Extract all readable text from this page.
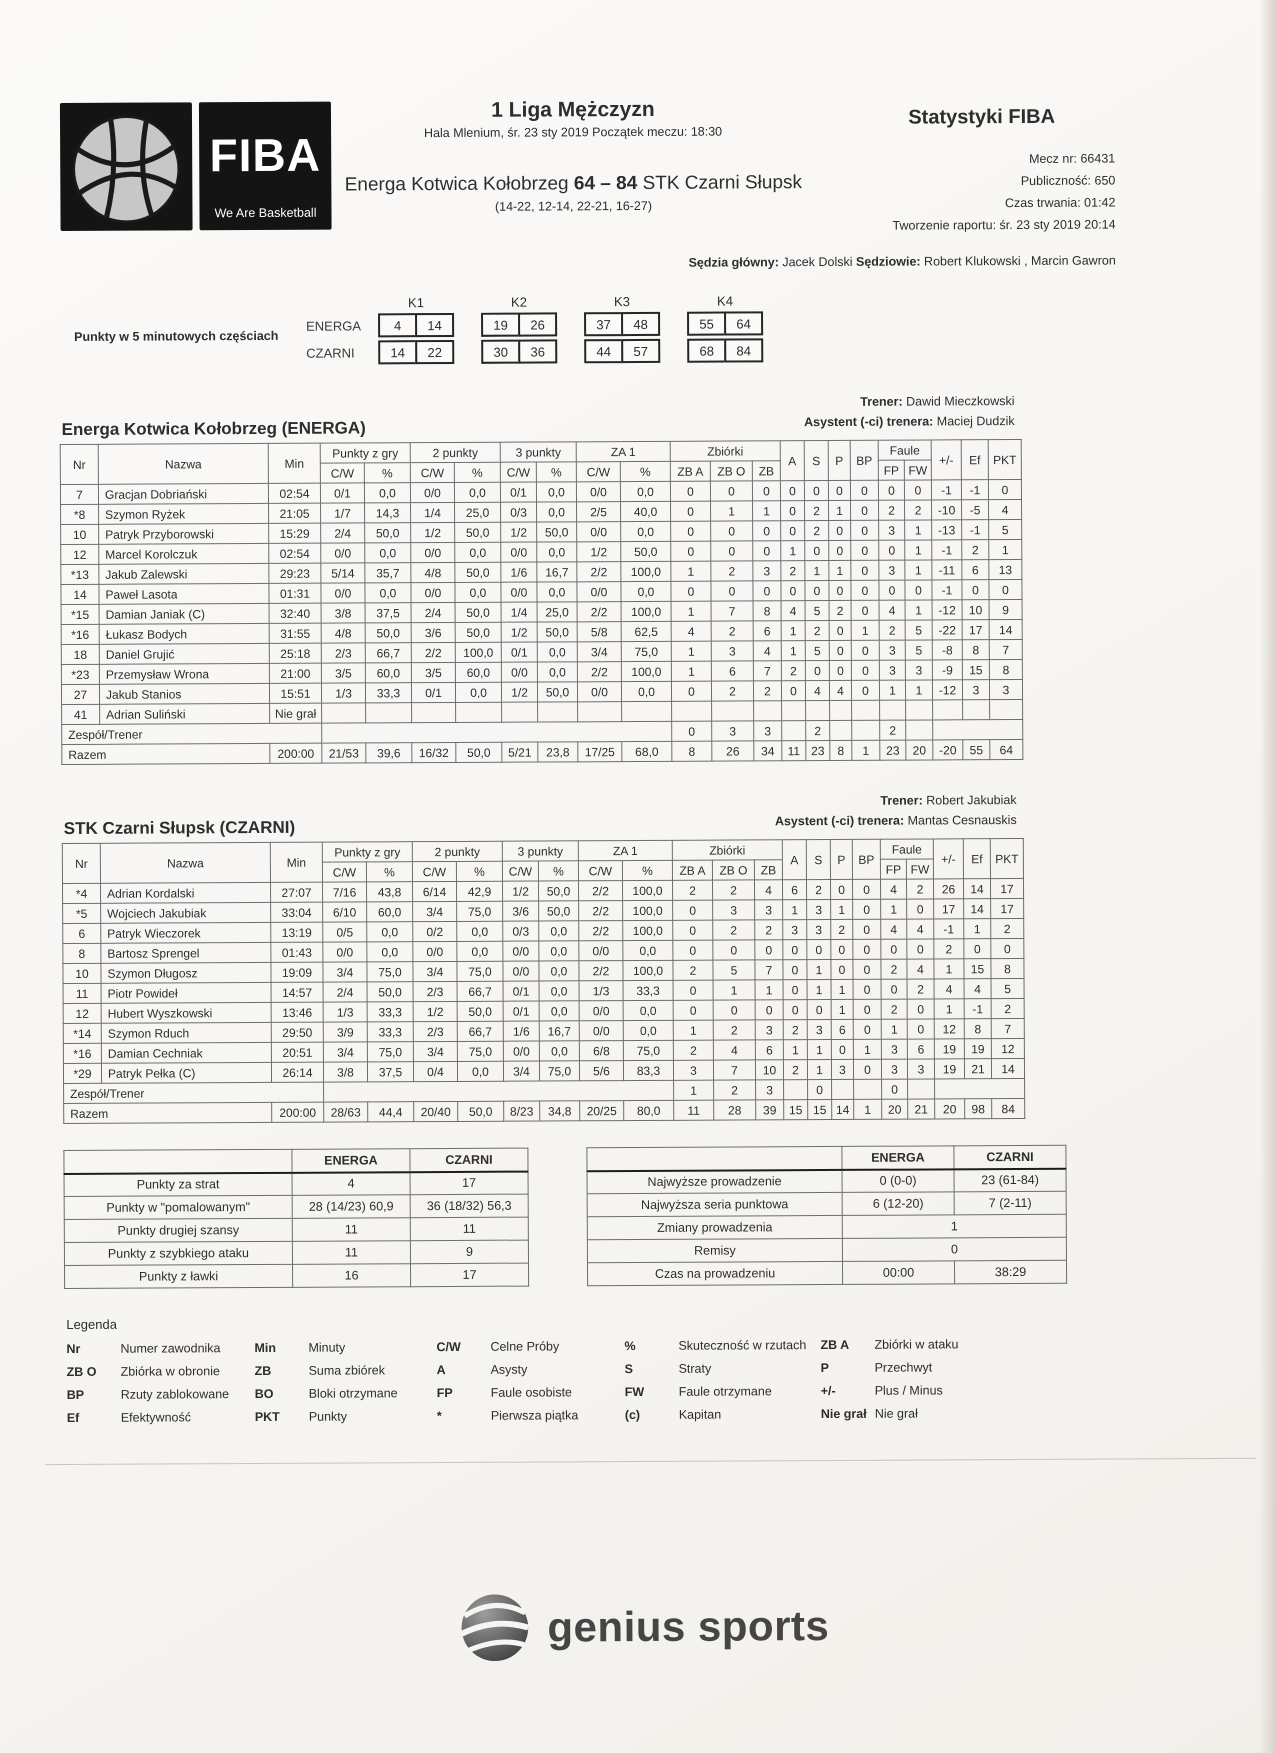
FIBA
We Are Basketball
1 Liga Mężczyzn
Hala Mlenium, śr. 23 sty 2019 Początek meczu: 18:30
Energa Kotwica Kołobrzeg 64 – 84 STK Czarni Słupsk
(14-22, 12-14, 22-21, 16-27)
Statystyki FIBA
Mecz nr: 66431
Publiczność: 650
Czas trwania: 01:42
Tworzenie raportu: śr. 23 sty 2019 20:14
Sędzia główny: Jacek Dolski Sędziowie: Robert Klukowski , Marcin Gawron
Punkty w 5 minutowych częściach
K1	K2	K3	K4
ENERGA	4	14	19	26	37	48	55	64
CZARNI	14	22	30	36	44	57	68	84
Energa Kotwica Kołobrzeg (ENERGA)
Trener: Dawid Mieczkowski
Asystent (-ci) trenera: Maciej Dudzik
Nr	Nazwa	Min	Punkty z gry		2 punkty		3 punkty		ZA 1		Zbiórki			A	S	P	BP	Faule		+/-	Ef	PKT
			C/W	%	C/W	%	C/W	%	C/W	%	ZB A	ZB O	ZB					FP	FW			
7	Gracjan Dobriański	02:54	0/1	0,0	0/0	0,0	0/1	0,0	0/0	0,0	0	0	0	0	0	0	0	0	0	-1	-1	0
*8	Szymon Ryżek	21:05	1/7	14,3	1/4	25,0	0/3	0,0	2/5	40,0	0	1	1	0	2	1	0	2	2	-10	-5	4
10	Patryk Przyborowski	15:29	2/4	50,0	1/2	50,0	1/2	50,0	0/0	0,0	0	0	0	0	2	0	0	3	1	-13	-1	5
12	Marcel Korolczuk	02:54	0/0	0,0	0/0	0,0	0/0	0,0	1/2	50,0	0	0	0	1	0	0	0	0	1	-1	2	1
*13	Jakub Zalewski	29:23	5/14	35,7	4/8	50,0	1/6	16,7	2/2	100,0	1	2	3	2	1	1	0	3	1	-11	6	13
14	Paweł Lasota	01:31	0/0	0,0	0/0	0,0	0/0	0,0	0/0	0,0	0	0	0	0	0	0	0	0	0	-1	0	0
*15	Damian Janiak (C)	32:40	3/8	37,5	2/4	50,0	1/4	25,0	2/2	100,0	1	7	8	4	5	2	0	4	1	-12	10	9
*16	Łukasz Bodych	31:55	4/8	50,0	3/6	50,0	1/2	50,0	5/8	62,5	4	2	6	1	2	0	1	2	5	-22	17	14
18	Daniel Grujić	25:18	2/3	66,7	2/2	100,0	0/1	0,0	3/4	75,0	1	3	4	1	5	0	0	3	5	-8	8	7
*23	Przemysław Wrona	21:00	3/5	60,0	3/5	60,0	0/0	0,0	2/2	100,0	1	6	7	2	0	0	0	3	3	-9	15	8
27	Jakub Stanios	15:51	1/3	33,3	0/1	0,0	1/2	50,0	0/0	0,0	0	2	2	0	4	4	0	1	1	-12	3	3
41	Adrian Suliński	Nie grał																				
Zespół/Trener											0	3	3		2			2				
Razem		200:00	21/53	39,6	16/32	50,0	5/21	23,8	17/25	68,0	8	26	34	11	23	8	1	23	20	-20	55	64
STK Czarni Słupsk (CZARNI)
Trener: Robert Jakubiak
Asystent (-ci) trenera: Mantas Cesnauskis
Nr	Nazwa	Min	Punkty z gry		2 punkty		3 punkty		ZA 1		Zbiórki			A	S	P	BP	Faule		+/-	Ef	PKT
			C/W	%	C/W	%	C/W	%	C/W	%	ZB A	ZB O	ZB					FP	FW			
*4	Adrian Kordalski	27:07	7/16	43,8	6/14	42,9	1/2	50,0	2/2	100,0	2	2	4	6	2	0	0	4	2	26	14	17
*5	Wojciech Jakubiak	33:04	6/10	60,0	3/4	75,0	3/6	50,0	2/2	100,0	0	3	3	1	3	1	0	1	0	17	14	17
6	Patryk Wieczorek	13:19	0/5	0,0	0/2	0,0	0/3	0,0	2/2	100,0	0	2	2	3	3	2	0	4	4	-1	1	2
8	Bartosz Sprengel	01:43	0/0	0,0	0/0	0,0	0/0	0,0	0/0	0,0	0	0	0	0	0	0	0	0	0	2	0	0
10	Szymon Długosz	19:09	3/4	75,0	3/4	75,0	0/0	0,0	2/2	100,0	2	5	7	0	1	0	0	2	4	1	15	8
11	Piotr Powideł	14:57	2/4	50,0	2/3	66,7	0/1	0,0	1/3	33,3	0	1	1	0	1	1	0	0	2	4	4	5
12	Hubert Wyszkowski	13:46	1/3	33,3	1/2	50,0	0/1	0,0	0/0	0,0	0	0	0	0	0	1	0	2	0	1	-1	2
*14	Szymon Rduch	29:50	3/9	33,3	2/3	66,7	1/6	16,7	0/0	0,0	1	2	3	2	3	6	0	1	0	12	8	7
*16	Damian Cechniak	20:51	3/4	75,0	3/4	75,0	0/0	0,0	6/8	75,0	2	4	6	1	1	0	1	3	6	19	19	12
*29	Patryk Pełka (C)	26:14	3/8	37,5	0/4	0,0	3/4	75,0	5/6	83,3	3	7	10	2	1	3	0	3	3	19	21	14
Zespół/Trener											1	2	3		0			0				
Razem		200:00	28/63	44,4	20/40	50,0	8/23	34,8	20/25	80,0	11	28	39	15	15	14	1	20	21	20	98	84
	ENERGA	CZARNI
Punkty za strat	4	17
Punkty w "pomalowanym"	28 (14/23) 60,9	36 (18/32) 56,3
Punkty drugiej szansy	11	11
Punkty z szybkiego ataku	11	9
Punkty z ławki	16	17
	ENERGA	CZARNI
Najwyższe prowadzenie	0 (0-0)	23 (61-84)
Najwyższa seria punktowa	6 (12-20)	7 (2-11)
Zmiany prowadzenia	1	
Remisy	0	
Czas na prowadzeniu	00:00	38:29
Legenda
Nr	Numer zawodnika
ZB O	Zbiórka w obronie
BP	Rzuty zablokowane
Ef	Efektywność
Min	Minuty
ZB	Suma zbiórek
BO	Bloki otrzymane
PKT	Punkty
C/W	Celne Próby
A	Asysty
FP	Faule osobiste
*	Pierwsza piątka
%	Skuteczność w rzutach
S	Straty
FW	Faule otrzymane
(c)	Kapitan
ZB A	Zbiórki w ataku
P	Przechwyt
+/-	Plus / Minus
Nie grał Nie grał
genius sports
